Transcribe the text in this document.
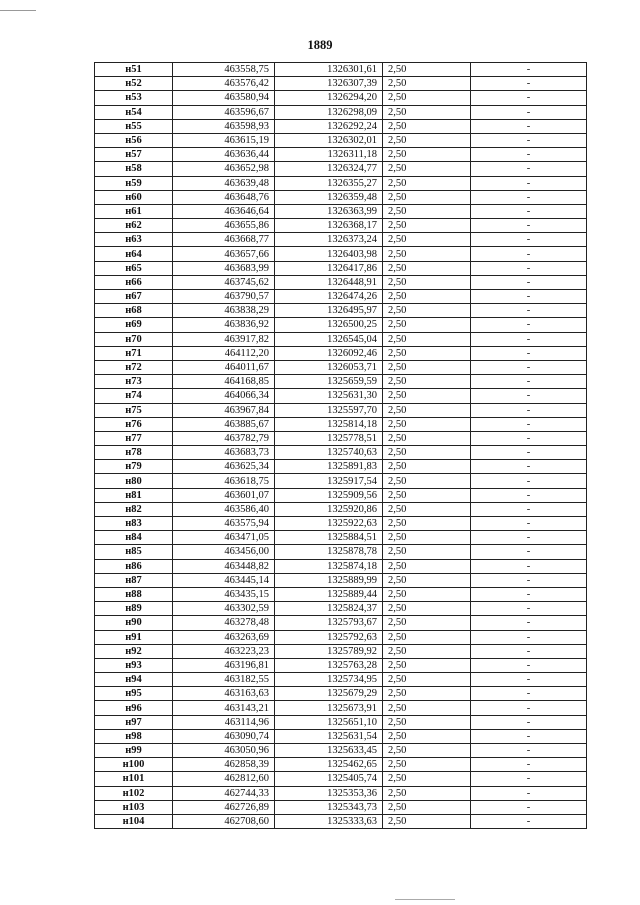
1889
н51	463558,75	1326301,61	2,50	-
н52	463576,42	1326307,39	2,50	-
н53	463580,94	1326294,20	2,50	-
н54	463596,67	1326298,09	2,50	-
н55	463598,93	1326292,24	2,50	-
н56	463615,19	1326302,01	2,50	-
н57	463636,44	1326311,18	2,50	-
н58	463652,98	1326324,77	2,50	-
н59	463639,48	1326355,27	2,50	-
н60	463648,76	1326359,48	2,50	-
н61	463646,64	1326363,99	2,50	-
н62	463655,86	1326368,17	2,50	-
н63	463668,77	1326373,24	2,50	-
н64	463657,66	1326403,98	2,50	-
н65	463683,99	1326417,86	2,50	-
н66	463745,62	1326448,91	2,50	-
н67	463790,57	1326474,26	2,50	-
н68	463838,29	1326495,97	2,50	-
н69	463836,92	1326500,25	2,50	-
н70	463917,82	1326545,04	2,50	-
н71	464112,20	1326092,46	2,50	-
н72	464011,67	1326053,71	2,50	-
н73	464168,85	1325659,59	2,50	-
н74	464066,34	1325631,30	2,50	-
н75	463967,84	1325597,70	2,50	-
н76	463885,67	1325814,18	2,50	-
н77	463782,79	1325778,51	2,50	-
н78	463683,73	1325740,63	2,50	-
н79	463625,34	1325891,83	2,50	-
н80	463618,75	1325917,54	2,50	-
н81	463601,07	1325909,56	2,50	-
н82	463586,40	1325920,86	2,50	-
н83	463575,94	1325922,63	2,50	-
н84	463471,05	1325884,51	2,50	-
н85	463456,00	1325878,78	2,50	-
н86	463448,82	1325874,18	2,50	-
н87	463445,14	1325889,99	2,50	-
н88	463435,15	1325889,44	2,50	-
н89	463302,59	1325824,37	2,50	-
н90	463278,48	1325793,67	2,50	-
н91	463263,69	1325792,63	2,50	-
н92	463223,23	1325789,92	2,50	-
н93	463196,81	1325763,28	2,50	-
н94	463182,55	1325734,95	2,50	-
н95	463163,63	1325679,29	2,50	-
н96	463143,21	1325673,91	2,50	-
н97	463114,96	1325651,10	2,50	-
н98	463090,74	1325631,54	2,50	-
н99	463050,96	1325633,45	2,50	-
н100	462858,39	1325462,65	2,50	-
н101	462812,60	1325405,74	2,50	-
н102	462744,33	1325353,36	2,50	-
н103	462726,89	1325343,73	2,50	-
н104	462708,60	1325333,63	2,50	-
